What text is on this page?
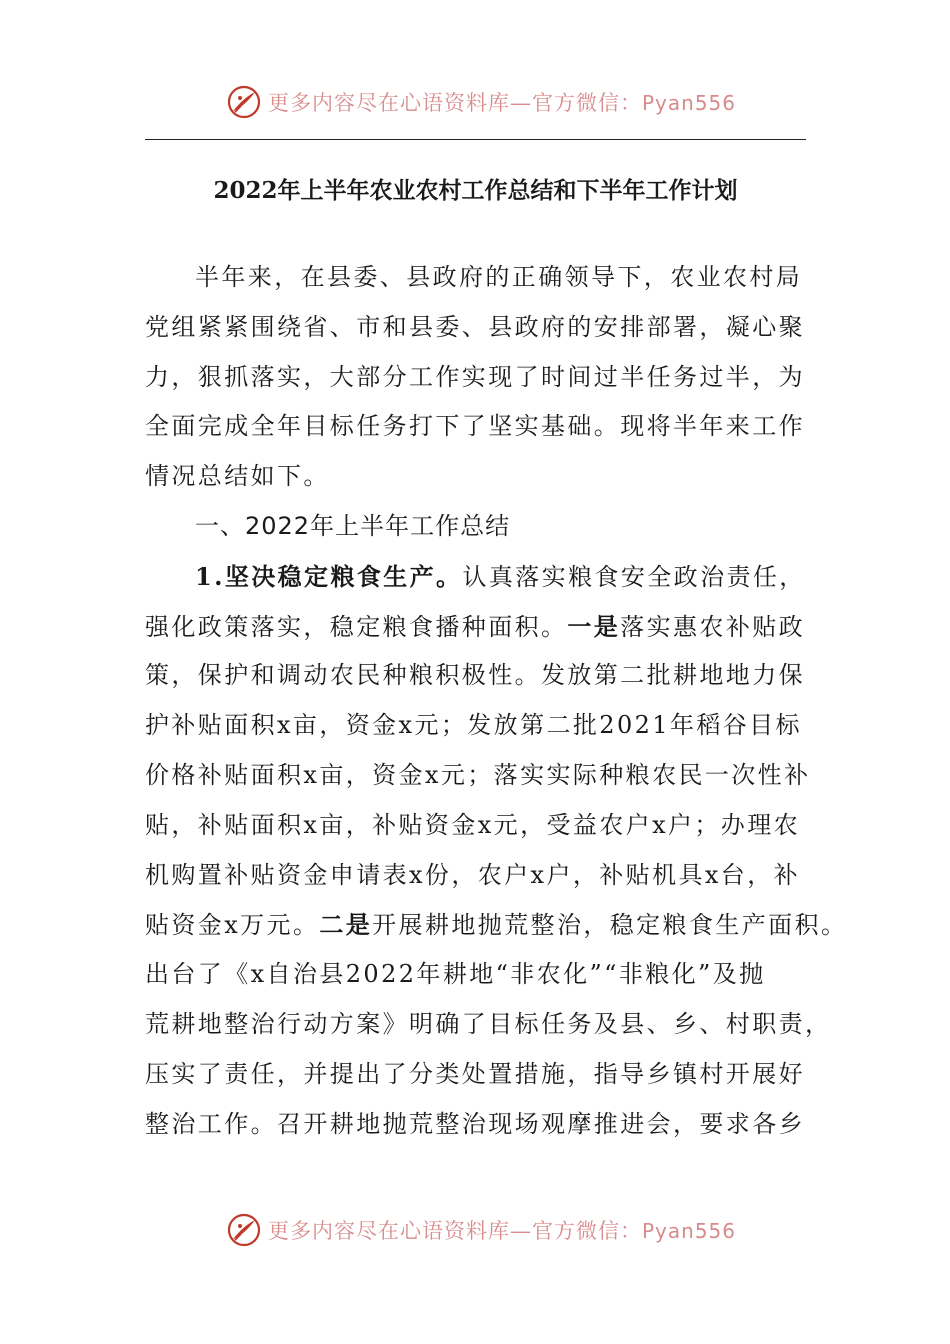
更多内容尽在心语资料库—官方微信：Pyan556
2022年上半年农业农村工作总结和下半年工作计划
半年来，在县委、县政府的正确领导下，农业农村局
党组紧紧围绕省、市和县委、县政府的安排部署，凝心聚
力，狠抓落实，大部分工作实现了时间过半任务过半，为
全面完成全年目标任务打下了坚实基础。现将半年来工作
情况总结如下。
一、2022年上半年工作总结
1.坚决稳定粮食生产。认真落实粮食安全政治责任，
强化政策落实，稳定粮食播种面积。一是落实惠农补贴政
策，保护和调动农民种粮积极性。发放第二批耕地地力保
护补贴面积x亩，资金x元；发放第二批2021年稻谷目标
价格补贴面积x亩，资金x元；落实实际种粮农民一次性补
贴，补贴面积x亩，补贴资金x元，受益农户x户；办理农
机购置补贴资金申请表x份，农户x户，补贴机具x台，补
贴资金x万元。二是开展耕地抛荒整治，稳定粮食生产面积。
出台了《x自治县2022年耕地“非农化”“非粮化”及抛
荒耕地整治行动方案》明确了目标任务及县、乡、村职责，
压实了责任，并提出了分类处置措施，指导乡镇村开展好
整治工作。召开耕地抛荒整治现场观摩推进会，要求各乡
更多内容尽在心语资料库—官方微信：Pyan556
